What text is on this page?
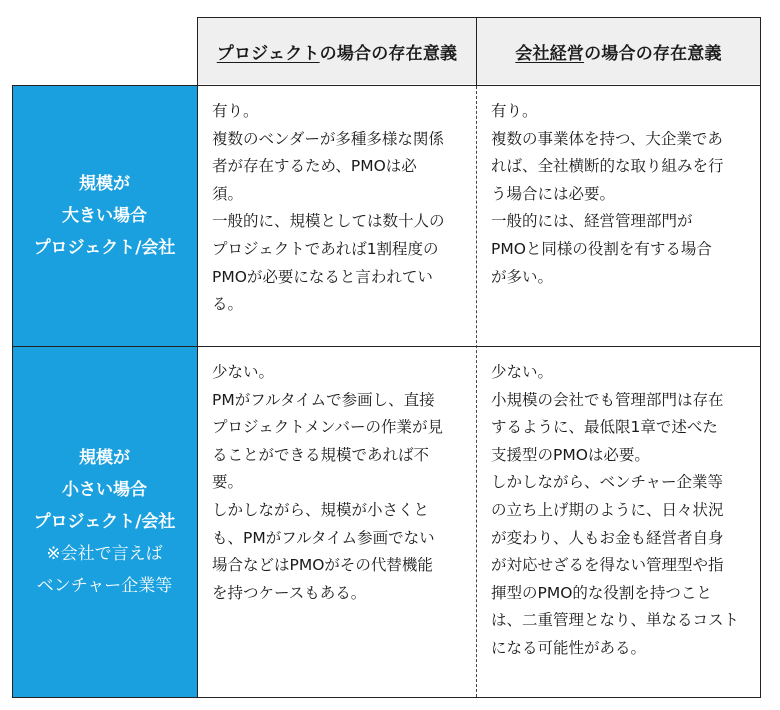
プロジェクト の場合の存在意義	会社経営 の場合の存在意義
規模が
大きい場合
プロジェクト/会社
規模が
小さい場合
プロジェクト/会社
※会社で言えば
ベンチャー企業等

有り。

複数のベンダーが多種多様な関係

者が存在するため、PMOは必

須。

一般的に、規模としては数十人の

プロジェクトであれば1割程度の

PMOが必要になると言われてい

る。

有り。

複数の事業体を持つ、大企業であ

れば、全社横断的な取り組みを行

う場合には必要。

一般的には、経営管理部門が

PMOと同様の役割を有する場合

が多い。

少ない。

PMがフルタイムで参画し、直接

プロジェクトメンバーの作業が見

ることができる規模であれば不

要。

しかしながら、規模が小さくと

も、PMがフルタイム参画でない

場合などはPMOがその代替機能

を持つケースもある。

少ない。

小規模の会社でも管理部門は存在

するように、最低限1章で述べた

支援型のPMOは必要。

しかしながら、ベンチャー企業等

の立ち上げ期のように、日々状況

が変わり、人もお金も経営者自身

が対応せざるを得ない管理型や指

揮型のPMO的な役割を持つこと

は、二重管理となり、単なるコスト

になる可能性がある。
